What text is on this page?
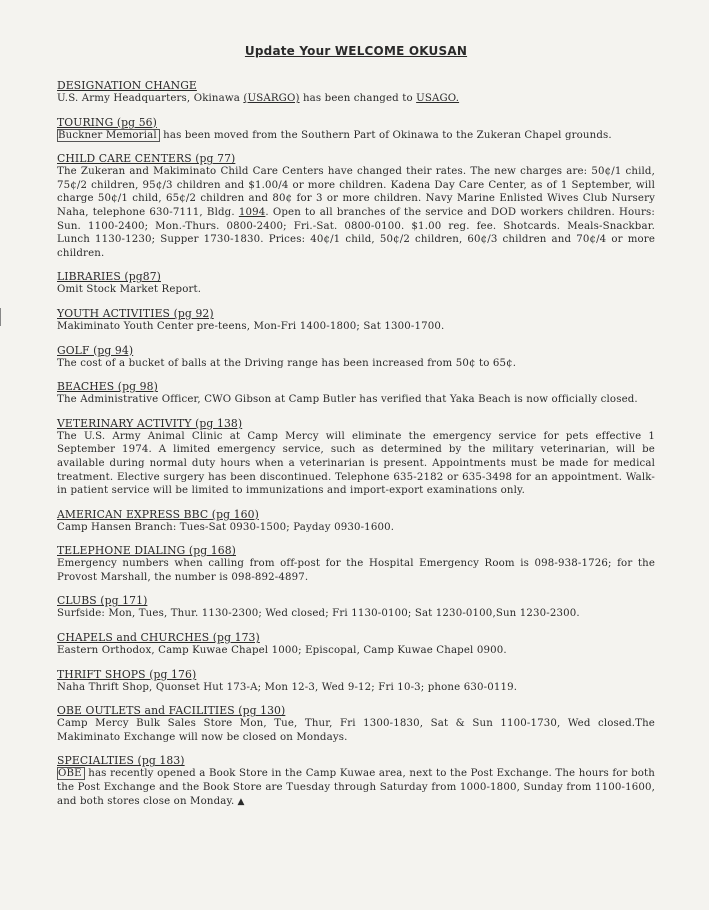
Update Your WELCOME OKUSAN

DESIGNATION CHANGE

U.S. Army Headquarters, Okinawa (USARGO) has been changed to USAGO.

TOURING (pg 56)

Buckner Memorial has been moved from the Southern Part of Okinawa to the Zukeran Chapel grounds.

CHILD CARE CENTERS (pg 77)

The Zukeran and Makiminato Child Care Centers have changed their rates. The new charges are: 50¢/1 child, 75¢/2 children, 95¢/3 children and $1.00/4 or more children. Kadena Day Care Center, as of 1 September, will charge 50¢/1 child, 65¢/2 children and 80¢ for 3 or more children. Navy Marine Enlisted Wives Club Nursery Naha, telephone 630-7111, Bldg. 1094. Open to all branches of the service and DOD workers children. Hours: Sun. 1100-2400; Mon.-Thurs. 0800-2400; Fri.-Sat. 0800-0100. $1.00 reg. fee. Shotcards. Meals-Snackbar. Lunch 1130-1230; Supper 1730-1830. Prices: 40¢/1 child, 50¢/2 children, 60¢/3 children and 70¢/4 or more children.

LIBRARIES (pg87)

Omit Stock Market Report.

YOUTH ACTIVITIES (pg 92)

Makiminato Youth Center pre-teens, Mon-Fri 1400-1800; Sat 1300-1700.

GOLF (pg 94)

The cost of a bucket of balls at the Driving range has been increased from 50¢ to 65¢.

BEACHES (pg 98)

The Administrative Officer, CWO Gibson at Camp Butler has verified that Yaka Beach is now officially closed.

VETERINARY ACTIVITY (pg 138)

The U.S. Army Animal Clinic at Camp Mercy will eliminate the emergency service for pets effective 1 September 1974. A limited emergency service, such as determined by the military veterinarian, will be available during normal duty hours when a veterinarian is present. Appointments must be made for medical treatment. Elective surgery has been discontinued. Telephone 635-2182 or 635-3498 for an appointment. Walk-in patient service will be limited to immunizations and import-export examinations only.

AMERICAN EXPRESS BBC (pg 160)

Camp Hansen Branch: Tues-Sat 0930-1500; Payday 0930-1600.

TELEPHONE DIALING (pg 168)

Emergency numbers when calling from off-post for the Hospital Emergency Room is 098-938-1726; for the Provost Marshall, the number is 098-892-4897.

CLUBS (pg 171)

Surfside: Mon, Tues, Thur. 1130-2300; Wed closed; Fri 1130-0100; Sat 1230-0100,Sun 1230-2300.

CHAPELS and CHURCHES (pg 173)

Eastern Orthodox, Camp Kuwae Chapel 1000; Episcopal, Camp Kuwae Chapel 0900.

THRIFT SHOPS (pg 176)

Naha Thrift Shop, Quonset Hut 173-A; Mon 12-3, Wed 9-12; Fri 10-3; phone 630-0119.

OBE OUTLETS and FACILITIES (pg 130)

Camp Mercy Bulk Sales Store Mon, Tue, Thur, Fri 1300-1830, Sat & Sun 1100-1730, Wed closed.The Makiminato Exchange will now be closed on Mondays.

SPECIALTIES (pg 183)

OBE has recently opened a Book Store in the Camp Kuwae area, next to the Post Exchange. The hours for both the Post Exchange and the Book Store are Tuesday through Saturday from 1000-1800, Sunday from 1100-1600, and both stores close on Monday. ▲
